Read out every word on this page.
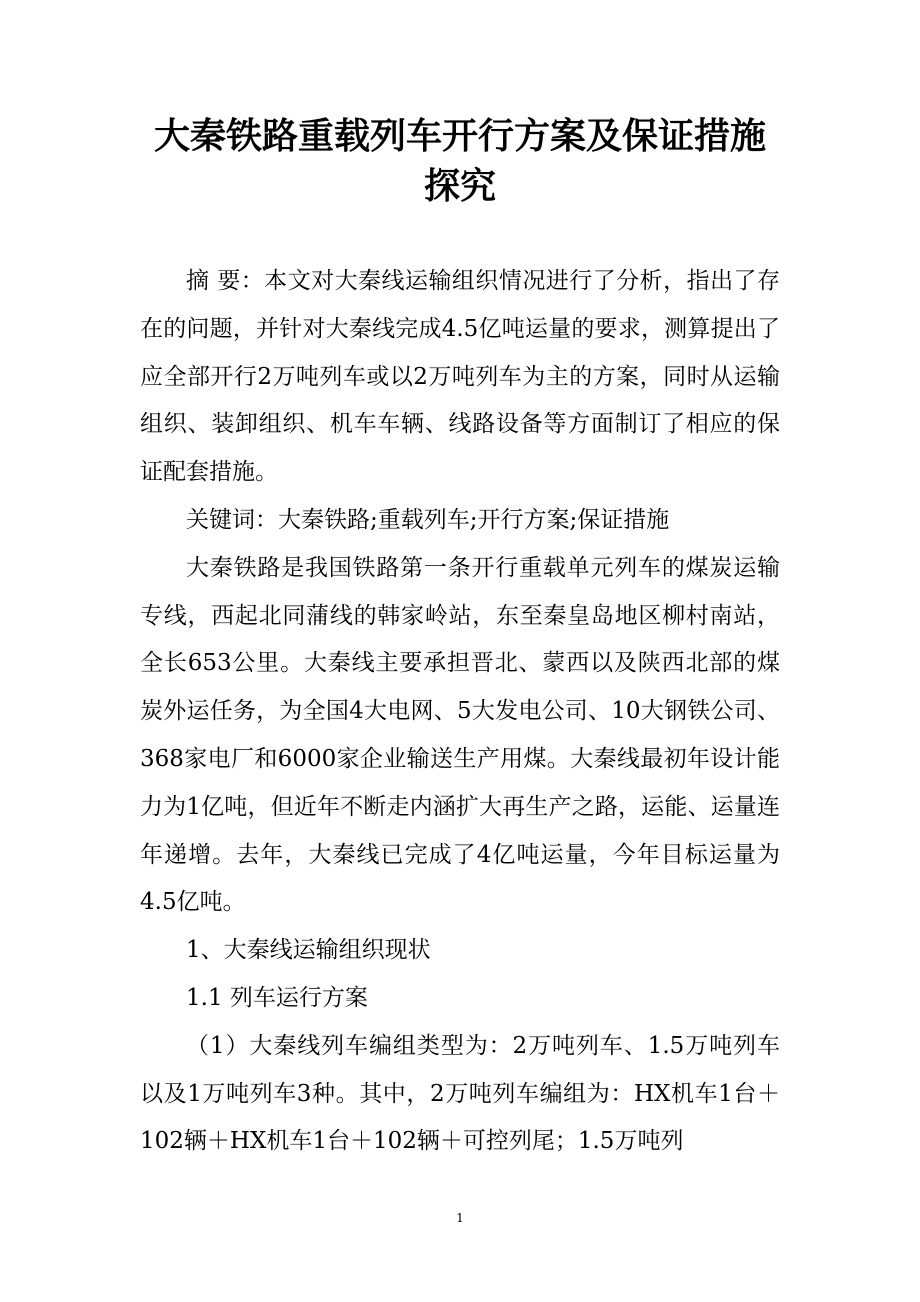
大秦铁路重载列车开行方案及保证措施探究

摘 要：本文对大秦线运输组织情况进行了分析，指出了存在的问题，并针对大秦线完成4.5亿吨运量的要求，测算提出了应全部开行2万吨列车或以2万吨列车为主的方案，同时从运输组织、装卸组织、机车车辆、线路设备等方面制订了相应的保证配套措施。

关键词：大秦铁路;重载列车;开行方案;保证措施

大秦铁路是我国铁路第一条开行重载单元列车的煤炭运输专线，西起北同蒲线的韩家岭站，东至秦皇岛地区柳村南站，全长653公里。大秦线主要承担晋北、蒙西以及陕西北部的煤炭外运任务，为全国4大电网、5大发电公司、10大钢铁公司、368家电厂和6000家企业输送生产用煤。大秦线最初年设计能力为1亿吨，但近年不断走内涵扩大再生产之路，运能、运量连年递增。去年，大秦线已完成了4亿吨运量，今年目标运量为4.5亿吨。

1、大秦线运输组织现状

1.1 列车运行方案

（1）大秦线列车编组类型为：2万吨列车、1.5万吨列车以及1万吨列车3种。其中，2万吨列车编组为：HX机车1台＋102辆＋HX机车1台＋102辆＋可控列尾；1.5万吨列

1
